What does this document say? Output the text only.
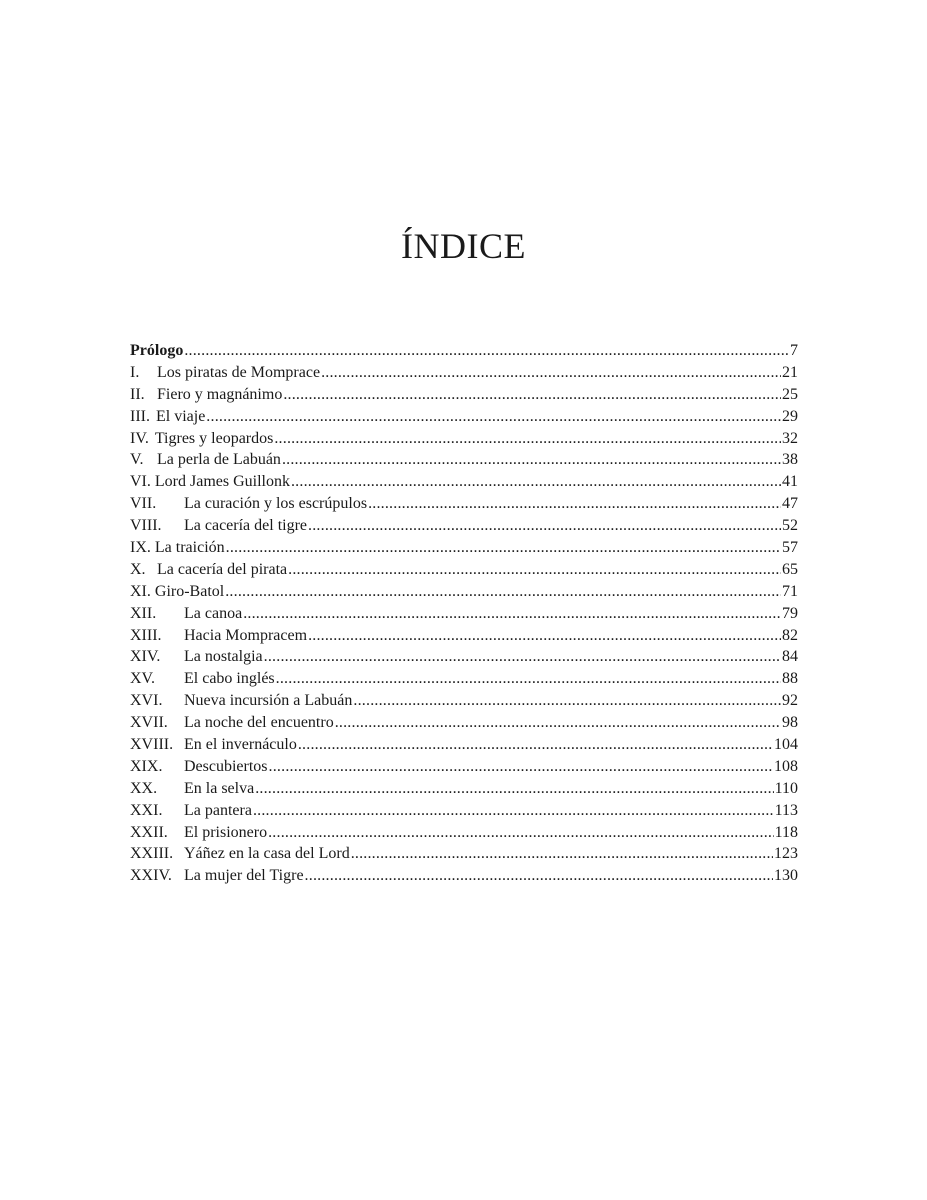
ÍNDICE
Prólogo .....	7
I.	Los piratas de Momprace .....	21
II. Fiero y magnánimo .....	25
III. El viaje .....	29
IV. Tigres y leopardos .....	32
V. La perla de Labuán .....	38
VI. Lord James Guillonk .....	41
VII.	La curación y los escrúpulos .....	47
VIII.	La cacería del tigre .....	52
IX. La traición .....	57
X. La cacería del pirata .....	65
XI. Giro-Batol .....	71
XII.	La canoa .....	79
XIII.	Hacia Mompracem .....	82
XIV.	La nostalgia .....	84
XV.	El cabo inglés .....	88
XVI.	Nueva incursión a Labuán .....	92
XVII.	La noche del encuentro .....	98
XVIII. En el invernáculo .....	104
XIX.	Descubiertos .....	108
XX.	En la selva .....	110
XXI.	La pantera .....	113
XXII.	El prisionero .....	118
XXIII. Yáñez en la casa del Lord .....	123
XXIV. La mujer del Tigre .....	130
